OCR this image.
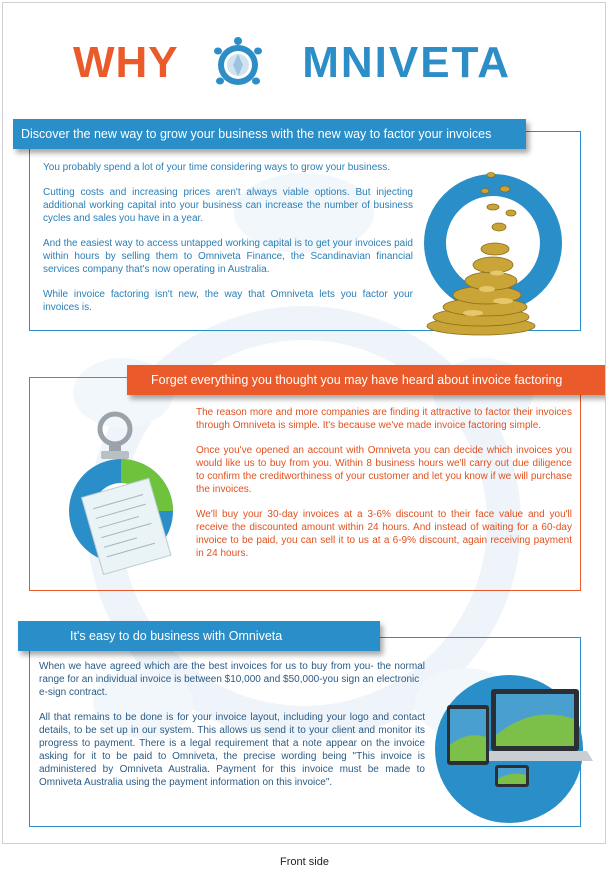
WHY	MNIVETA
Discover the new way to grow your business with the new way to factor your invoices

You probably spend a lot of your time considering ways to grow your business.

Cutting costs and increasing prices aren't always viable options. But injecting additional working capital into your business can increase the number of business cycles and sales you have in a year.

And the easiest way to access untapped working capital is to get your invoices paid within hours by selling them to Omniveta Finance, the Scandinavian financial services company that's now operating in Australia.

While invoice factoring isn't new, the way that Omniveta lets you factor your invoices is.

Forget everything you thought you may have heard about invoice factoring

The reason more and more companies are finding it attractive to factor their invoices through Omniveta is simple. It's because we've made invoice factoring simple.

Once you've opened an account with Omniveta you can decide which invoices you would like us to buy from you. Within 8 business hours we'll carry out due diligence to confirm the creditworthiness of your customer and let you know if we will purchase the invoices.

We'll buy your 30-day invoices at a 3-6% discount to their face value and you'll receive the discounted amount within 24 hours. And instead of waiting for a 60-day invoice to be paid, you can sell it to us at a 6-9% discount, again receiving payment in 24 hours.

It's easy to do business with Omniveta

When we have agreed which are the best invoices for us to buy from you- the normal range for an individual invoice is between $10,000 and $50,000-you sign an electronic
e-sign contract.

All that remains to be done is for your invoice layout, including your logo and contact details, to be set up in our system. This allows us send it to your client and monitor its progress to payment. There is a legal requirement that a note appear on the invoice asking for it to be paid to Omniveta, the precise wording being "This invoice is administered by Omniveta Australia. Payment for this invoice must be made to Omniveta Australia using the payment information on this invoice".

Front side
